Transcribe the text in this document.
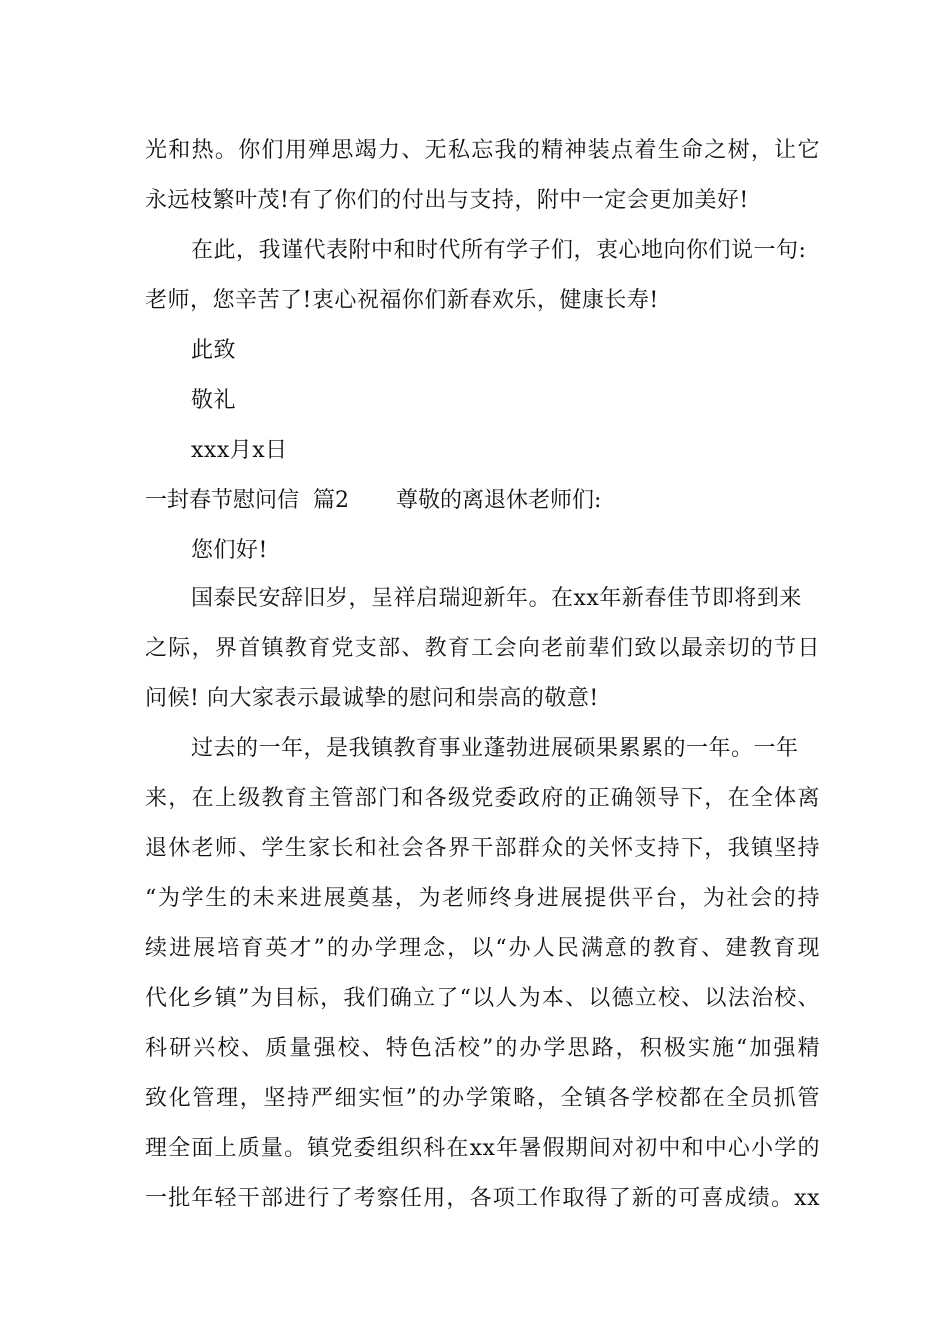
光和热。你们用殚思竭力、无私忘我的精神装点着生命之树，让它
永远枝繁叶茂!有了你们的付出与支持，附中一定会更加美好!
在此，我谨代表附中和时代所有学子们，衷心地向你们说一句:
老师，您辛苦了!衷心祝福你们新春欢乐，健康长寿!
此致
敬礼
xxx月x日
一封春节慰问信 篇2 尊敬的离退休老师们:
您们好!
国泰民安辞旧岁，呈祥启瑞迎新年。在xx年新春佳节即将到来
之际，界首镇教育党支部、教育工会向老前辈们致以最亲切的节日
问候! 向大家表示最诚挚的慰问和崇高的敬意!
过去的一年，是我镇教育事业蓬勃进展硕果累累的一年。一年
来，在上级教育主管部门和各级党委政府的正确领导下，在全体离
退休老师、学生家长和社会各界干部群众的关怀支持下，我镇坚持
“为学生的未来进展奠基，为老师终身进展提供平台，为社会的持
续进展培育英才”的办学理念，以“办人民满意的教育、建教育现
代化乡镇”为目标，我们确立了“以人为本、以德立校、以法治校、
科研兴校、质量强校、特色活校”的办学思路，积极实施“加强精
致化管理，坚持严细实恒”的办学策略，全镇各学校都在全员抓管
理全面上质量。镇党委组织科在xx年暑假期间对初中和中心小学的
一批年轻干部进行了考察任用，各项工作取得了新的可喜成绩。xx
